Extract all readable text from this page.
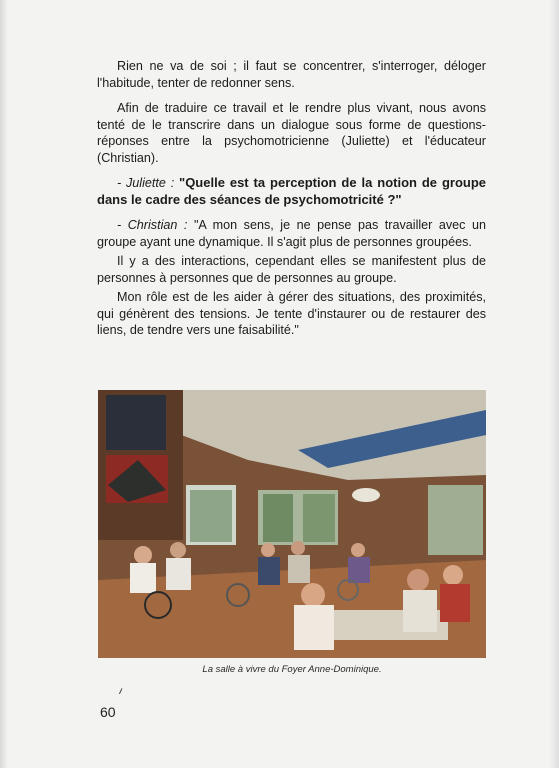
Rien ne va de soi ; il faut se concentrer, s'interroger, déloger l'habitude, tenter de redonner sens.

Afin de traduire ce travail et le rendre plus vivant, nous avons tenté de le transcrire dans un dialogue sous forme de questions-réponses entre la psychomotricienne (Juliette) et l'éducateur (Christian).

- Juliette : "Quelle est ta perception de la notion de groupe dans le cadre des séances de psychomotricité ?"

- Christian : "A mon sens, je ne pense pas travailler avec un groupe ayant une dynamique. Il s'agit plus de personnes groupées.

Il y a des interactions, cependant elles se manifestent plus de personnes à personnes que de personnes au groupe.

Mon rôle est de les aider à gérer des situations, des proximités, qui génèrent des tensions. Je tente d'instaurer ou de restaurer des liens, de tendre vers une faisabilité."

La salle à vivre du Foyer Anne-Dominique.
60
